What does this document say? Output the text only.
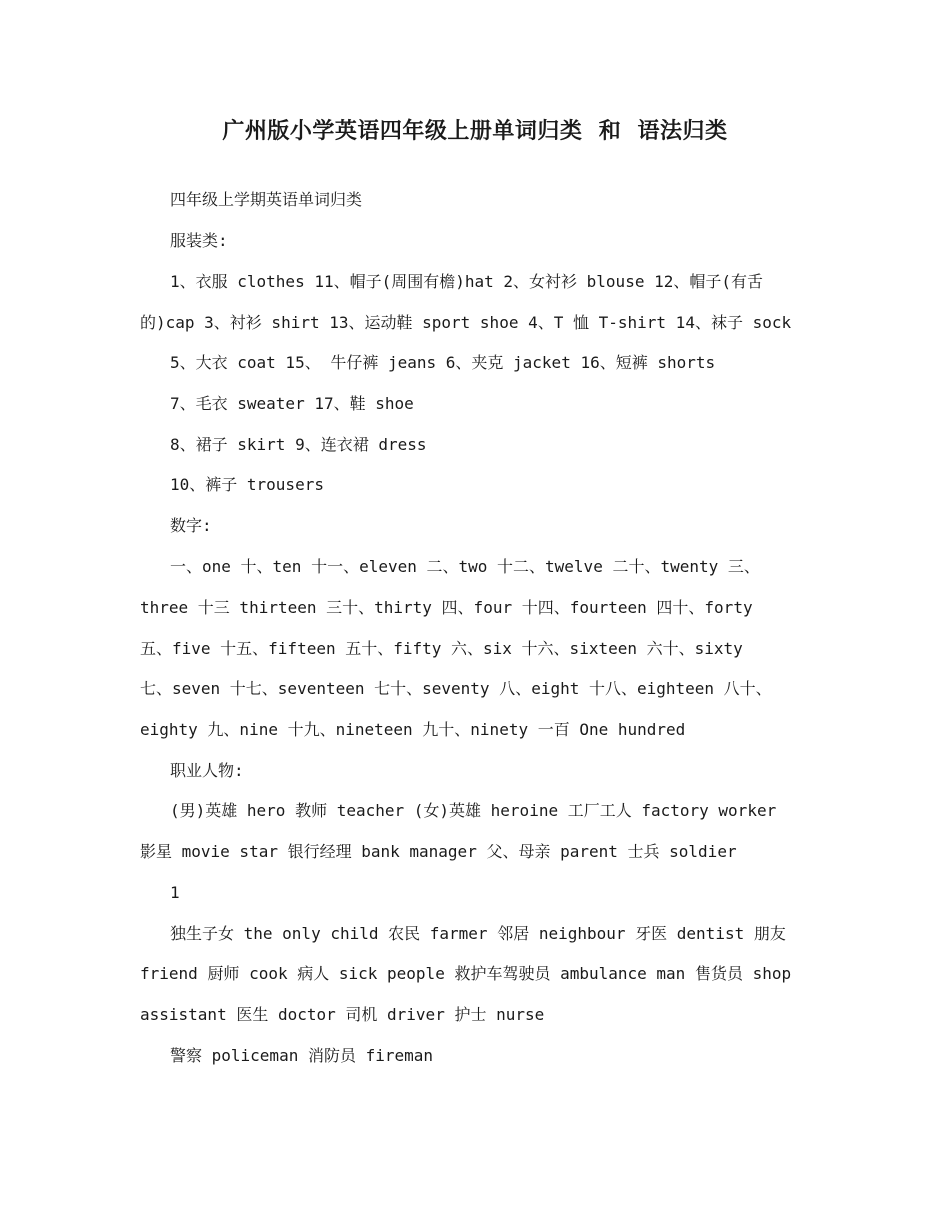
广州版小学英语四年级上册单词归类  和  语法归类

四年级上学期英语单词归类

服装类:

1、衣服 clothes 11、帽子(周围有檐)hat 2、女衬衫 blouse 12、帽子(有舌

的)cap 3、衬衫 shirt 13、运动鞋 sport shoe 4、T 恤 T-shirt 14、袜子 sock

5、大衣 coat 15、 牛仔裤 jeans 6、夹克 jacket 16、短裤 shorts

7、毛衣 sweater 17、鞋 shoe

8、裙子 skirt 9、连衣裙 dress

10、裤子 trousers

数字:

一、one 十、ten 十一、eleven 二、two 十二、twelve 二十、twenty 三、

three 十三 thirteen 三十、thirty 四、four 十四、fourteen 四十、forty

五、five 十五、fifteen 五十、fifty 六、six 十六、sixteen 六十、sixty

七、seven 十七、seventeen 七十、seventy 八、eight 十八、eighteen 八十、

eighty 九、nine 十九、nineteen 九十、ninety 一百 One hundred

职业人物:

(男)英雄 hero 教师 teacher (女)英雄 heroine 工厂工人 factory worker

影星 movie star 银行经理 bank manager 父、母亲 parent 士兵 soldier

1

独生子女 the only child 农民 farmer 邻居 neighbour 牙医 dentist 朋友

friend 厨师 cook 病人 sick people 救护车驾驶员 ambulance man 售货员 shop

assistant 医生 doctor 司机 driver 护士 nurse

警察 policeman 消防员 fireman
